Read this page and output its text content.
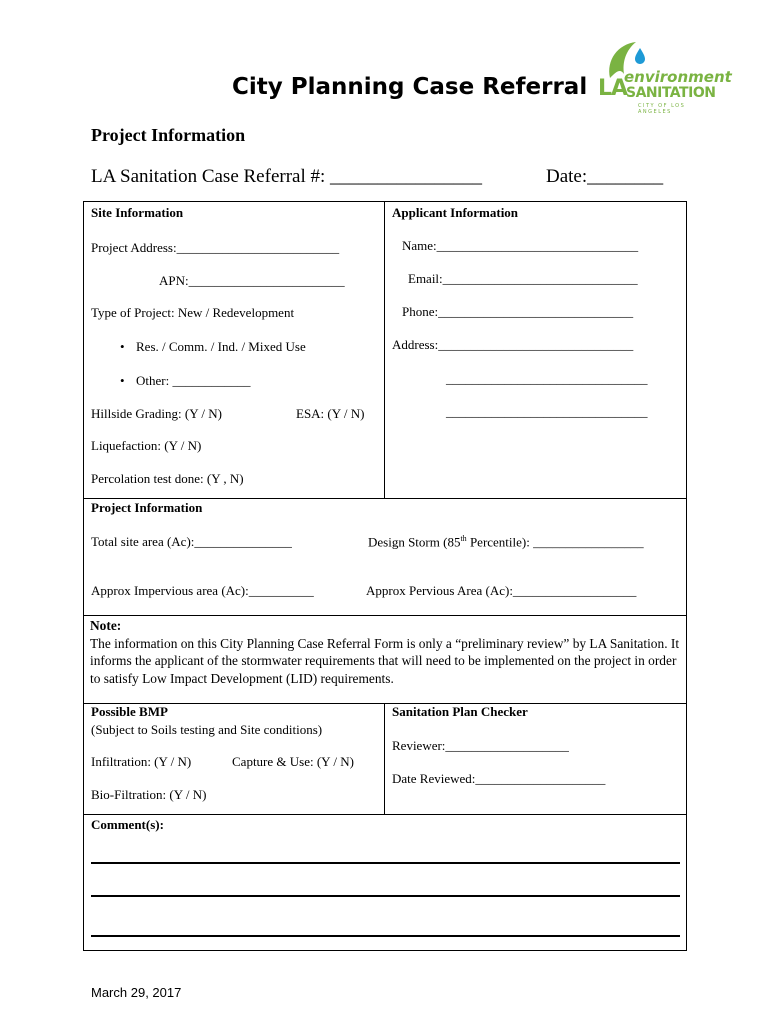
environment
LA
SANITATION
CITY OF LOS ANGELES
City Planning Case Referral
Project Information
LA Sanitation Case Referral #: ________________	Date:________
Site Information
Project Address:_________________________
APN:________________________
Type of Project: New / Redevelopment
• Res. / Comm. / Ind. / Mixed Use
• Other: ____________
Hillside Grading: (Y / N)	ESA: (Y / N)
Liquefaction: (Y / N)
Percolation test done: (Y , N)
Applicant Information
Name:_______________________________
Email:______________________________
Phone:______________________________
Address:______________________________
_______________________________
_______________________________
Project Information
Total site area (Ac):_______________	Design Storm (85th Percentile): _________________
Approx Impervious area (Ac):__________	Approx Pervious Area (Ac):___________________
Note:
The information on this City Planning Case Referral Form is only a “preliminary review” by LA Sanitation. It informs the applicant of the stormwater requirements that will need to be implemented on the project in order to satisfy Low Impact Development (LID) requirements.
Possible BMP
(Subject to Soils testing and Site conditions)
Infiltration: (Y / N)	Capture & Use: (Y / N)
Bio-Filtration: (Y / N)
Sanitation Plan Checker
Reviewer:___________________
Date Reviewed:____________________
Comment(s):
March 29, 2017
